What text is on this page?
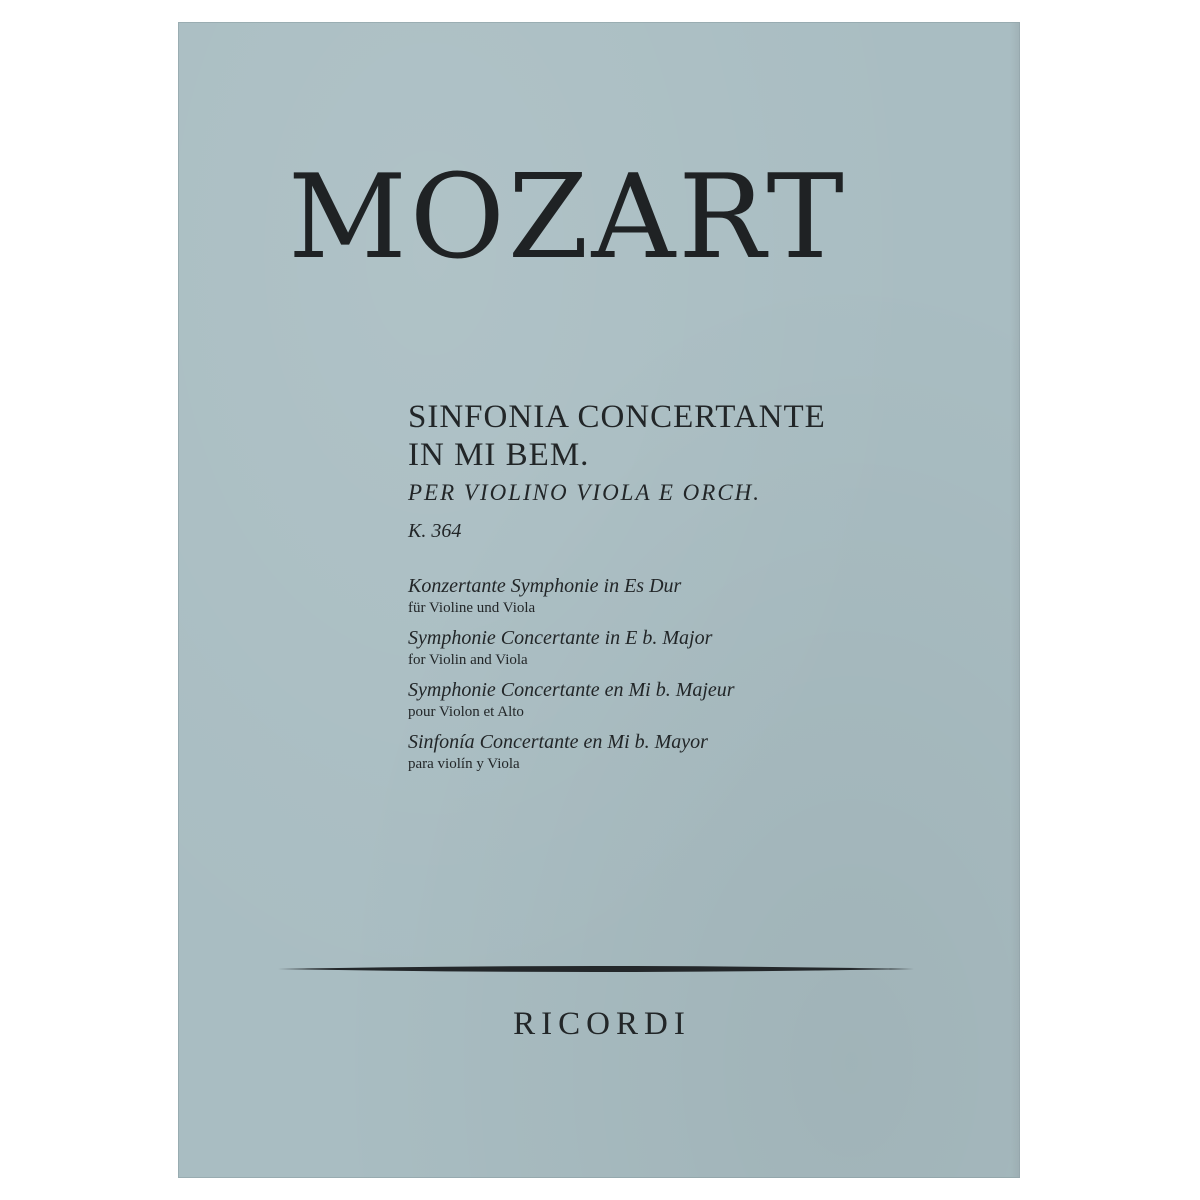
MOZART

SINFONIA CONCERTANTE

IN MI BEM.

PER VIOLINO VIOLA E ORCH.

K. 364

Konzertante Symphonie in Es Dur
für Violine und Viola
Symphonie Concertante in E b. Major
for Violin and Viola
Symphonie Concertante en Mi b. Majeur
pour Violon et Alto
Sinfonía Concertante en Mi b. Mayor
para violín y Viola
RICORDI
